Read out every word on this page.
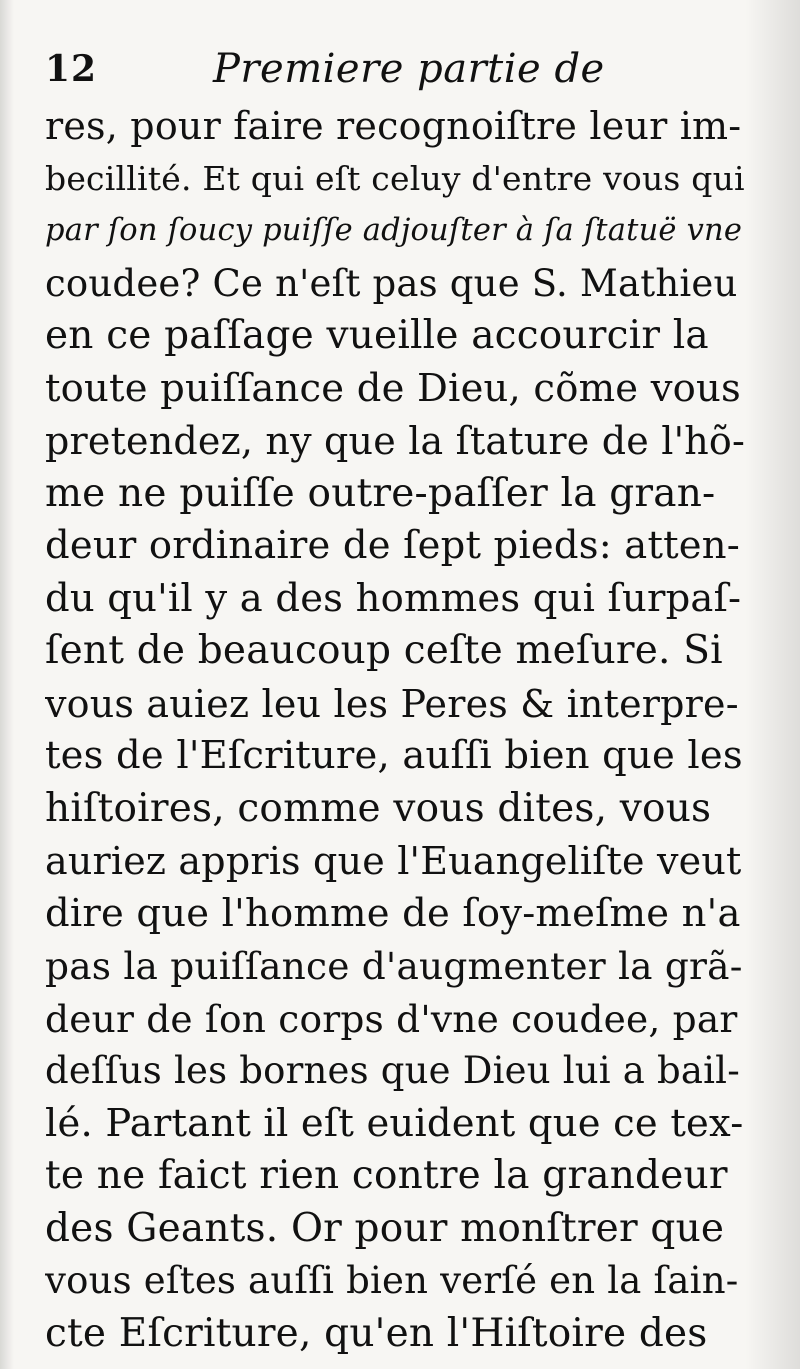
12	Premiere partie de
res, pour faire recognoiſtre leur im-
becillité. Et qui eſt celuy d'entre vous qui
par ſon ſoucy puiſſe adjouſter à ſa ſtatuë vne
coudee? Ce n'eſt pas que S. Mathieu
en ce paſſage vueille accourcir la
toute puiſſance de Dieu, cõme vous
pretendez, ny que la ſtature de l'hõ-
me ne puiſſe outre-paſſer la gran-
deur ordinaire de ſept pieds: atten-
du qu'il y a des hommes qui ſurpaſ-
ſent de beaucoup ceſte meſure. Si
vous auiez leu les Peres & interpre-
tes de l'Eſcriture, auſſi bien que les
hiſtoires, comme vous dites, vous
auriez appris que l'Euangeliſte veut
dire que l'homme de ſoy-meſme n'a
pas la puiſſance d'augmenter la grã-
deur de ſon corps d'vne coudee, par
deſſus les bornes que Dieu lui a bail-
lé. Partant il eſt euident que ce tex-
te ne faict rien contre la grandeur
des Geants. Or pour monſtrer que
vous eſtes auſſi bien verſé en la ſain-
cte Eſcriture, qu'en l'Hiſtoire des
